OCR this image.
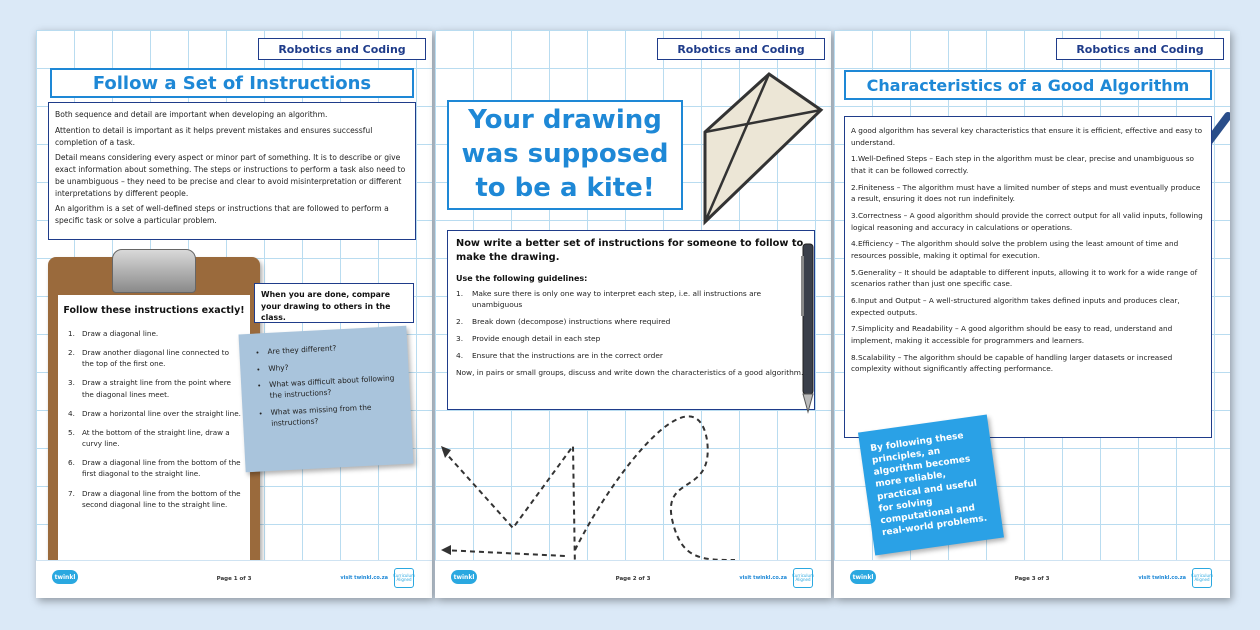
Robotics and Coding
Follow a Set of Instructions

Both sequence and detail are important when developing an algorithm.

Attention to detail is important as it helps prevent mistakes and ensures successful completion of a task.

Detail means considering every aspect or minor part of something. It is to describe or give exact information about something. The steps or instructions to perform a task also need to be unambiguous – they need to be precise and clear to avoid misinterpretation or different interpretations by different people.

An algorithm is a set of well-defined steps or instructions that are followed to perform a specific task or solve a particular problem.

Follow these instructions exactly!
1. Draw a diagonal line.
2. Draw another diagonal line connected to the top of the first one.
3. Draw a straight line from the point where the diagonal lines meet.
4. Draw a horizontal line over the straight line.
5. At the bottom of the straight line, draw a curvy line.
6. Draw a diagonal line from the bottom of the first diagonal to the straight line.
7. Draw a diagonal line from the bottom of the second diagonal line to the straight line.
When you are done, compare your drawing to others in the class.
• Are they different?
• Why?
• What was difficult about following the instructions?
• What was missing from the instructions?
twinkl	Page 1 of 3	visit twinkl.co.za Curriculum Aligned
Robotics and Coding
Your drawing was supposed to be a kite!
Now write a better set of instructions for someone to follow to make the drawing.
Use the following guidelines:
1.	Make sure there is only one way to interpret each step, i.e. all instructions are unambiguous
2.	Break down (decompose) instructions where required
3.	Provide enough detail in each step
4.	Ensure that the instructions are in the correct order

Now, in pairs or small groups, discuss and write down the characteristics of a good algorithm.

twinkl	Page 2 of 3	visit twinkl.co.za Curriculum Aligned
Robotics and Coding
Characteristics of a Good Algorithm

A good algorithm has several key characteristics that ensure it is efficient, effective and easy to understand.

1.Well-Defined Steps – Each step in the algorithm must be clear, precise and unambiguous so that it can be followed correctly.

2.Finiteness – The algorithm must have a limited number of steps and must eventually produce a result, ensuring it does not run indefinitely.

3.Correctness – A good algorithm should provide the correct output for all valid inputs, following logical reasoning and accuracy in calculations or operations.

4.Efficiency – The algorithm should solve the problem using the least amount of time and resources possible, making it optimal for execution.

5.Generality – It should be adaptable to different inputs, allowing it to work for a wide range of scenarios rather than just one specific case.

6.Input and Output – A well-structured algorithm takes defined inputs and produces clear, expected outputs.

7.Simplicity and Readability – A good algorithm should be easy to read, understand and implement, making it accessible for programmers and learners.

8.Scalability – The algorithm should be capable of handling larger datasets or increased complexity without significantly affecting performance.

By following these principles, an algorithm becomes more reliable, practical and useful for solving computational and real-world problems.
twinkl	Page 3 of 3	visit twinkl.co.za Curriculum Aligned
